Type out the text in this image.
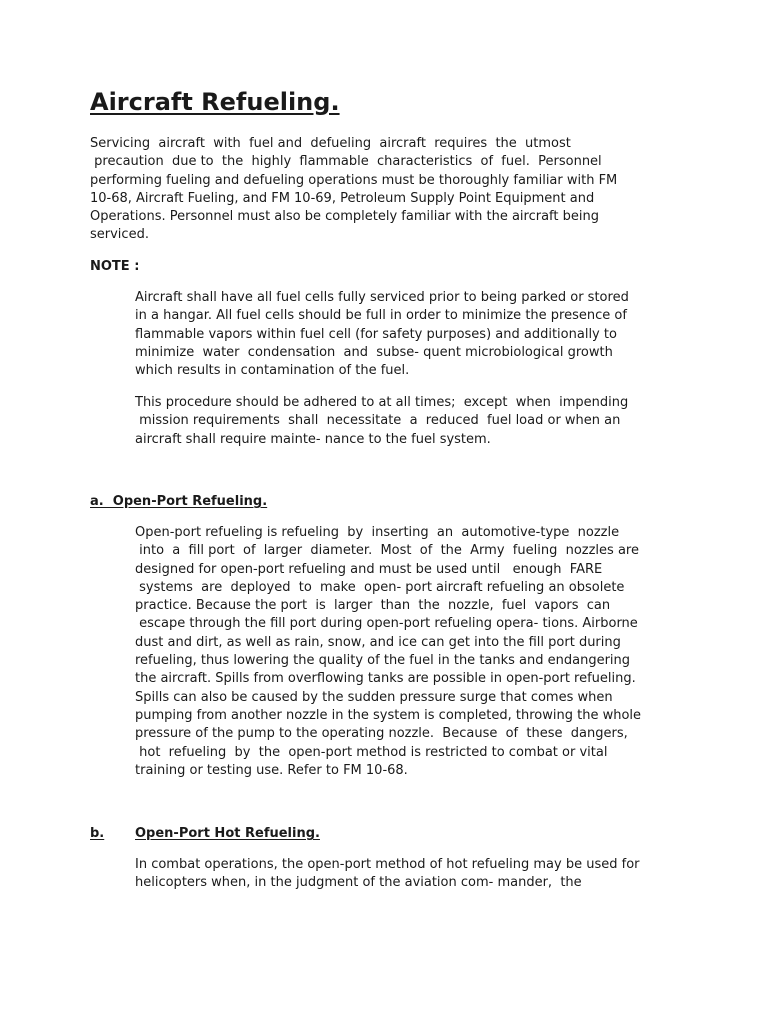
Aircraft Refueling.
Servicing  aircraft  with  fuel and  defueling  aircraft  requires  the  utmost
precaution  due to  the  highly  flammable  characteristics  of  fuel.  Personnel
performing fueling and defueling operations must be thoroughly familiar with FM
10-68, Aircraft Fueling, and FM 10-69, Petroleum Supply Point Equipment and
Operations. Personnel must also be completely familiar with the aircraft being
serviced.
NOTE :
Aircraft shall have all fuel cells fully serviced prior to being parked or stored
in a hangar. All fuel cells should be full in order to minimize the presence of
flammable vapors within fuel cell (for safety purposes) and additionally to
minimize  water  condensation  and  subse- quent microbiological growth
which results in contamination of the fuel.
This procedure should be adhered to at all times;  except  when  impending
mission requirements  shall  necessitate  a  reduced  fuel load or when an
aircraft shall require mainte- nance to the fuel system.
a.  Open-Port Refueling.
Open-port refueling is refueling  by  inserting  an  automotive-type  nozzle
into  a  fill port  of  larger  diameter.  Most  of  the  Army  fueling  nozzles are
designed for open-port refueling and must be used until   enough  FARE
systems  are  deployed  to  make  open- port aircraft refueling an obsolete
practice. Because the port  is  larger  than  the  nozzle,  fuel  vapors  can
escape through the fill port during open-port refueling opera- tions. Airborne
dust and dirt, as well as rain, snow, and ice can get into the fill port during
refueling, thus lowering the quality of the fuel in the tanks and endangering
the aircraft. Spills from overflowing tanks are possible in open-port refueling.
Spills can also be caused by the sudden pressure surge that comes when
pumping from another nozzle in the system is completed, throwing the whole
pressure of the pump to the operating nozzle.  Because  of  these  dangers,
hot  refueling  by  the  open-port method is restricted to combat or vital
training or testing use. Refer to FM 10-68.
b. Open-Port Hot Refueling.
In combat operations, the open-port method of hot refueling may be used for
helicopters when, in the judgment of the aviation com- mander,  the
